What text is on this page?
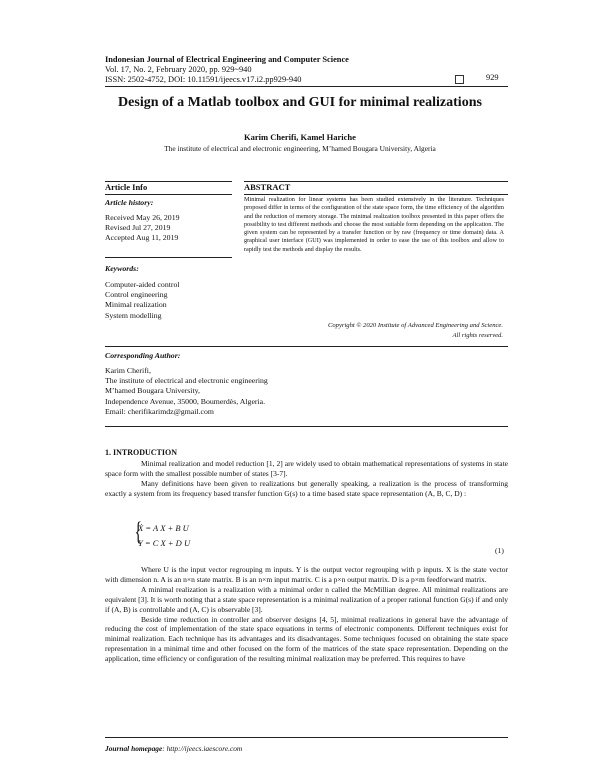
Indonesian Journal of Electrical Engineering and Computer Science
Vol. 17, No. 2, February 2020, pp. 929~940
ISSN: 2502-4752, DOI: 10.11591/ijeecs.v17.i2.pp929-940	929
Design of a Matlab toolbox and GUI for minimal realizations
Karim Cherifi, Kamel Hariche
The institute of electrical and electronic engineering, M’hamed Bougara University, Algeria
Article Info
Article history:
Received May 26, 2019
Revised Jul 27, 2019
Accepted Aug 11, 2019
Keywords:
Computer-aided control
Control engineering
Minimal realization
System modelling
ABSTRACT
Minimal realization for linear systems has been studied extensively in the literature. Techniques proposed differ in terms of the configuration of the state space form, the time efficiency of the algorithm and the reduction of memory storage. The minimal realization toolbox presented in this paper offers the possibility to test different methods and choose the most suitable form depending on the application. The given system can be represented by a transfer function or by raw (frequency or time domain) data. A graphical user interface (GUI) was implemented in order to ease the use of this toolbox and allow to rapidly test the methods and display the results.
Copyright © 2020 Institute of Advanced Engineering and Science.
All rights reserved.
Corresponding Author:
Karim Cherifi,
The institute of electrical and electronic engineering
M’hamed Bougara University,
Independence Avenue, 35000, Boumerdès, Algeria.
Email: cherifikarimdz@gmail.com
1. INTRODUCTION

Minimal realization and model reduction [1, 2] are widely used to obtain mathematical representations of systems in state space form with the smallest possible number of states [3-7].

Many definitions have been given to realizations but generally speaking, a realization is the process of transforming exactly a system from its frequency based transfer function G(s) to a time based state space representation (A, B, C, D) :

{
Ẋ = A X + B U
Y = C X + D U
(1)

Where U is the input vector regrouping m inputs. Y is the output vector regrouping with p inputs. X is the state vector with dimension n. A is an n×n state matrix. B is an n×m input matrix. C is a p×n output matrix. D is a p×m feedforward matrix.

A minimal realization is a realization with a minimal order n called the McMillian degree. All minimal realizations are equivalent [3]. It is worth noting that a state space representation is a minimal realization of a proper rational function G(s) if and only if (A, B) is controllable and (A, C) is observable [3].

Beside time reduction in controller and observer designs [4, 5], minimal realizations in general have the advantage of reducing the cost of implementation of the state space equations in terms of electronic components. Different techniques exist for minimal realization. Each technique has its advantages and its disadvantages. Some techniques focused on obtaining the state space representation in a minimal time and other focused on the form of the matrices of the state space representation. Depending on the application, time efficiency or configuration of the resulting minimal realization may be preferred. This requires to have

Journal homepage: http://ijeecs.iaescore.com
